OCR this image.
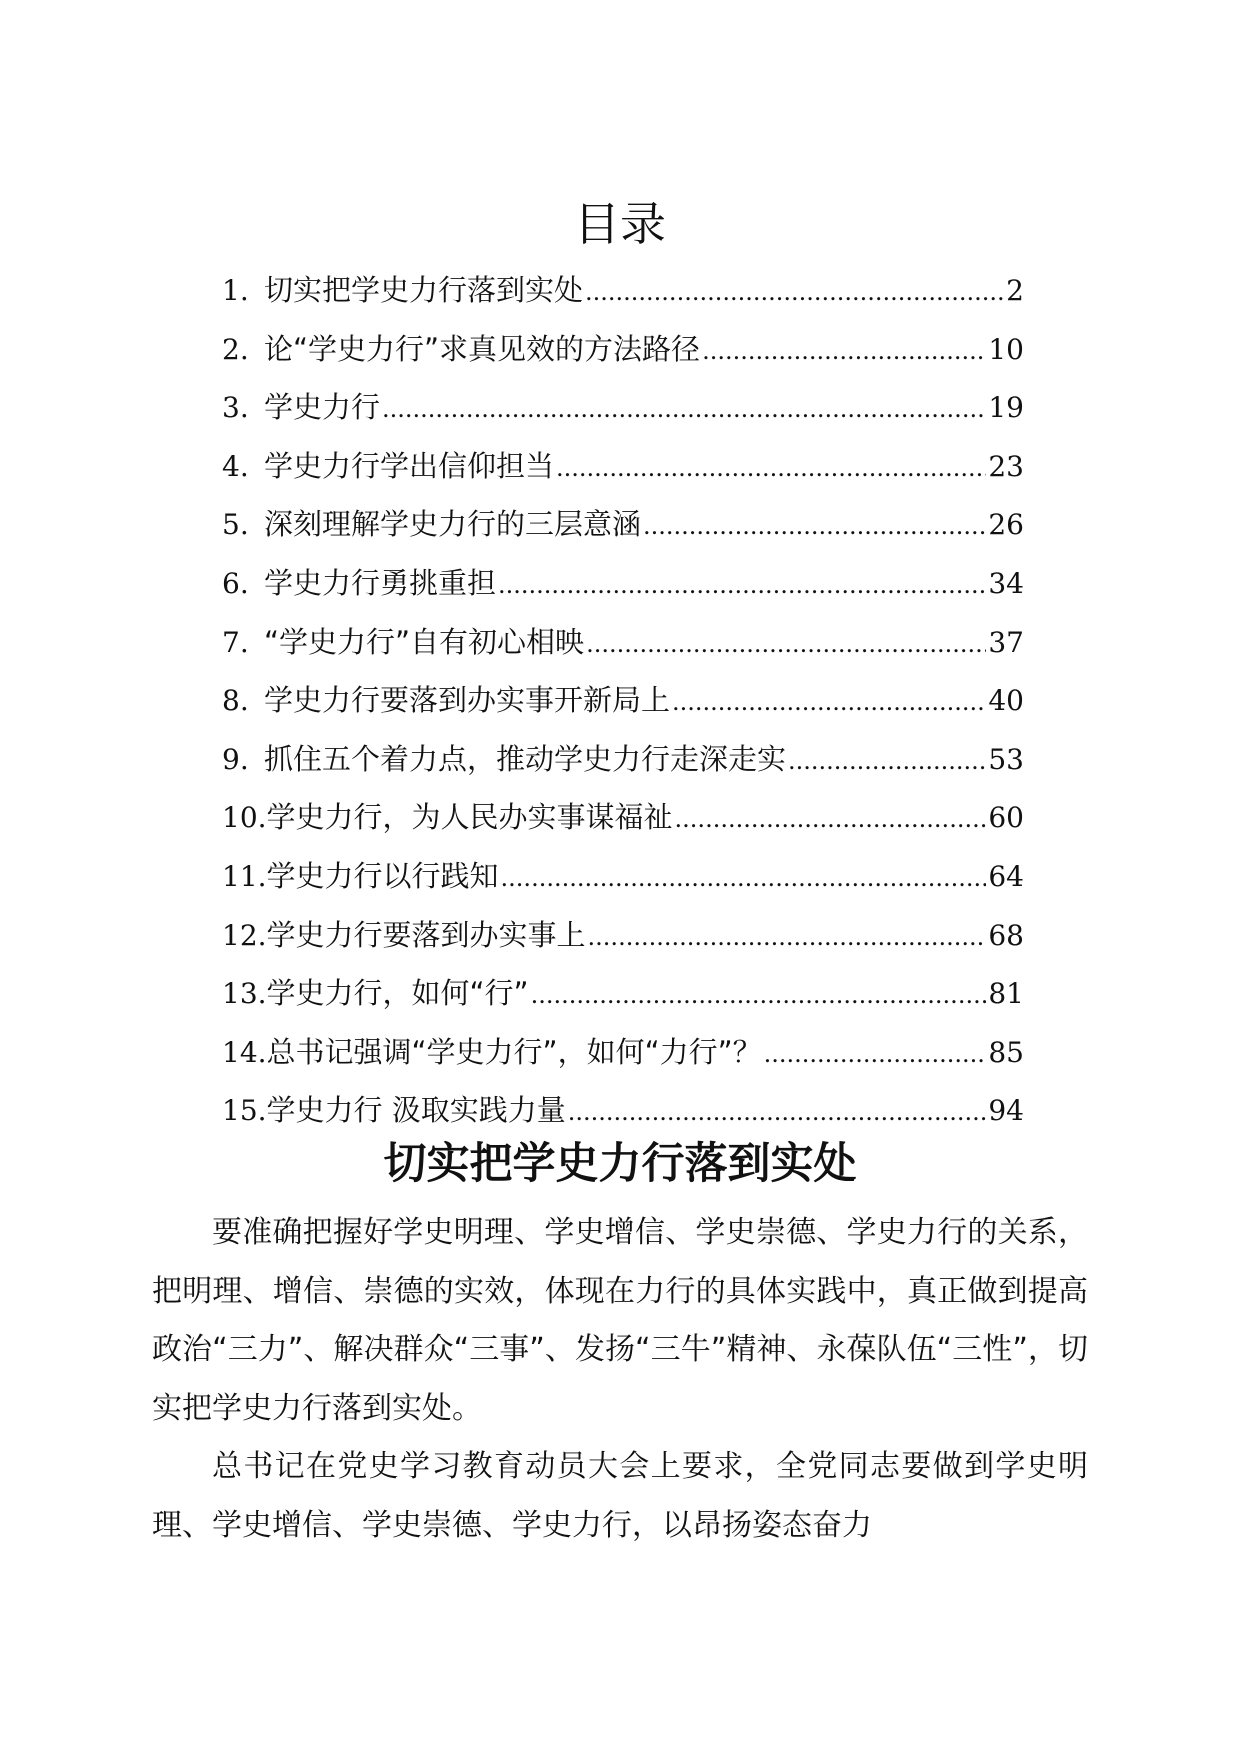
目录
1. 切实把学史力行落到实处 .....	2
2. 论“学史力行”求真见效的方法路径 .....	10
3. 学史力行 .....	19
4. 学史力行学出信仰担当 .....	23
5. 深刻理解学史力行的三层意涵 .....	26
6. 学史力行勇挑重担 .....	34
7. “学史力行”自有初心相映 .....	37
8. 学史力行要落到办实事开新局上 .....	40
9. 抓住五个着力点，推动学史力行走深走实 .....	53
10. 学史力行，为人民办实事谋福祉 .....	60
11. 学史力行以行践知 .....	64
12. 学史力行要落到办实事上 .....	68
13. 学史力行，如何“行” .....	81
14. 总书记强调“学史力行”，如何“力行”？ .....	85
15. 学史力行 汲取实践力量 .....	94
切实把学史力行落到实处

要准确把握好学史明理、学史增信、学史崇德、学史力行的关系，把明理、增信、崇德的实效，体现在力行的具体实践中，真正做到提高政治“三力”、解决群众“三事”、发扬“三牛”精神、永葆队伍“三性”，切实把学史力行落到实处。

总书记在党史学习教育动员大会上要求，全党同志要做到学史明理、学史增信、学史崇德、学史力行，以昂扬姿态奋力
